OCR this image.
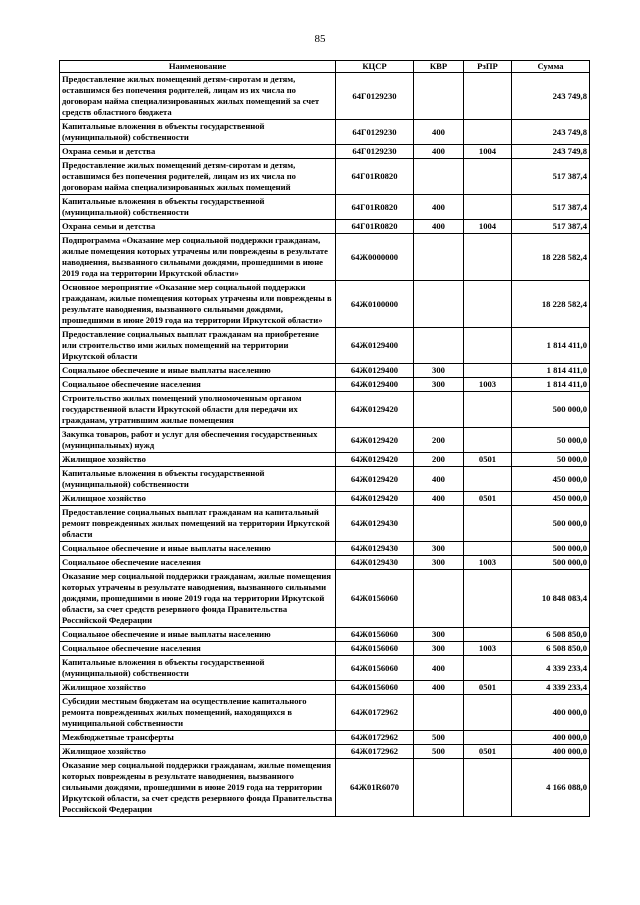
85
Наименование	КЦСР	КВР	РзПР	Сумма
Предоставление жилых помещений детям-сиротам и детям, оставшимся без попечения родителей, лицам из их числа по договорам найма специализированных жилых помещений за счет средств областного бюджета	64Г0129230			243 749,8
Капитальные вложения в объекты государственной (муниципальной) собственности	64Г0129230	400		243 749,8
Охрана семьи и детства	64Г0129230	400	1004	243 749,8
Предоставление жилых помещений детям-сиротам и детям, оставшимся без попечения родителей, лицам из их числа по договорам найма специализированных жилых помещений	64Г01R0820			517 387,4
Капитальные вложения в объекты государственной (муниципальной) собственности	64Г01R0820	400		517 387,4
Охрана семьи и детства	64Г01R0820	400	1004	517 387,4
Подпрограмма «Оказание мер социальной поддержки гражданам, жилые помещения которых утрачены или повреждены в результате наводнения, вызванного сильными дождями, прошедшими в июне 2019 года на территории Иркутской области»	64Ж0000000			18 228 582,4
Основное мероприятие «Оказание мер социальной поддержки гражданам, жилые помещения которых утрачены или повреждены в результате наводнения, вызванного сильными дождями, прошедшими в июне 2019 года на территории Иркутской области»	64Ж0100000			18 228 582,4
Предоставление социальных выплат гражданам на приобретение или строительство ими жилых помещений на территории Иркутской области	64Ж0129400			1 814 411,0
Социальное обеспечение и иные выплаты населению	64Ж0129400	300		1 814 411,0
Социальное обеспечение населения	64Ж0129400	300	1003	1 814 411,0
Строительство жилых помещений уполномоченным органом государственной власти Иркутской области для передачи их гражданам, утратившим жилые помещения	64Ж0129420			500 000,0
Закупка товаров, работ и услуг для обеспечения государственных (муниципальных) нужд	64Ж0129420	200		50 000,0
Жилищное хозяйство	64Ж0129420	200	0501	50 000,0
Капитальные вложения в объекты государственной (муниципальной) собственности	64Ж0129420	400		450 000,0
Жилищное хозяйство	64Ж0129420	400	0501	450 000,0
Предоставление социальных выплат гражданам на капитальный ремонт поврежденных жилых помещений на территории Иркутской области	64Ж0129430			500 000,0
Социальное обеспечение и иные выплаты населению	64Ж0129430	300		500 000,0
Социальное обеспечение населения	64Ж0129430	300	1003	500 000,0
Оказание мер социальной поддержки гражданам, жилые помещения которых утрачены в результате наводнения, вызванного сильными дождями, прошедшими в июне 2019 года на территории Иркутской области, за счет средств резервного фонда Правительства Российской Федерации	64Ж0156060			10 848 083,4
Социальное обеспечение и иные выплаты населению	64Ж0156060	300		6 508 850,0
Социальное обеспечение населения	64Ж0156060	300	1003	6 508 850,0
Капитальные вложения в объекты государственной (муниципальной) собственности	64Ж0156060	400		4 339 233,4
Жилищное хозяйство	64Ж0156060	400	0501	4 339 233,4
Субсидии местным бюджетам на осуществление капитального ремонта поврежденных жилых помещений, находящихся в муниципальной собственности	64Ж0172962			400 000,0
Межбюджетные трансферты	64Ж0172962	500		400 000,0
Жилищное хозяйство	64Ж0172962	500	0501	400 000,0
Оказание мер социальной поддержки гражданам, жилые помещения которых повреждены в результате наводнения, вызванного сильными дождями, прошедшими в июне 2019 года на территории Иркутской области, за счет средств резервного фонда Правительства Российской Федерации	64Ж01R6070			4 166 088,0
